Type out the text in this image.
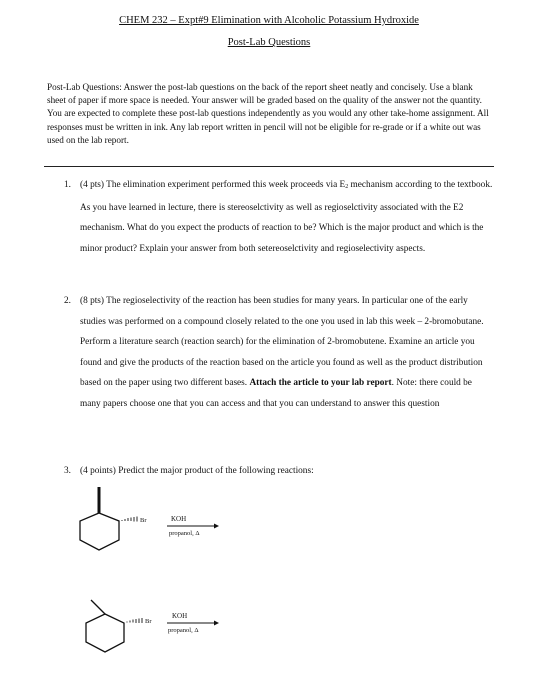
CHEM 232 – Expt#9 Elimination with Alcoholic Potassium Hydroxide
Post-Lab Questions
Post-Lab Questions: Answer the post-lab questions on the back of the report sheet neatly and concisely. Use a blank sheet of paper if more space is needed. Your answer will be graded based on the quality of the answer not the quantity. You are expected to complete these post-lab questions independently as you would any other take-home assignment. All responses must be written in ink. Any lab report written in pencil will not be eligible for re-grade or if a white out was used on the lab report.
1. (4 pts) The elimination experiment performed this week proceeds via E2 mechanism according to the textbook. As you have learned in lecture, there is stereoselctivity as well as regioselctivity associated with the E2 mechanism. What do you expect the products of reaction to be? Which is the major product and which is the minor product? Explain your answer from both setereoselctivity and regioselectivity aspects.
2. (8 pts) The regioselectivity of the reaction has been studies for many years. In particular one of the early studies was performed on a compound closely related to the one you used in lab this week – 2-bromobutane. Perform a literature search (reaction search) for the elimination of 2-bromobutene. Examine an article you found and give the products of the reaction based on the article you found as well as the product distribution based on the paper using two different bases. Attach the article to your lab report. Note: there could be many papers choose one that you can access and that you can understand to answer this question
3. (4 points) Predict the major product of the following reactions:
Br	KOH
propanol, Δ
Br
KOH
propanol, Δ
